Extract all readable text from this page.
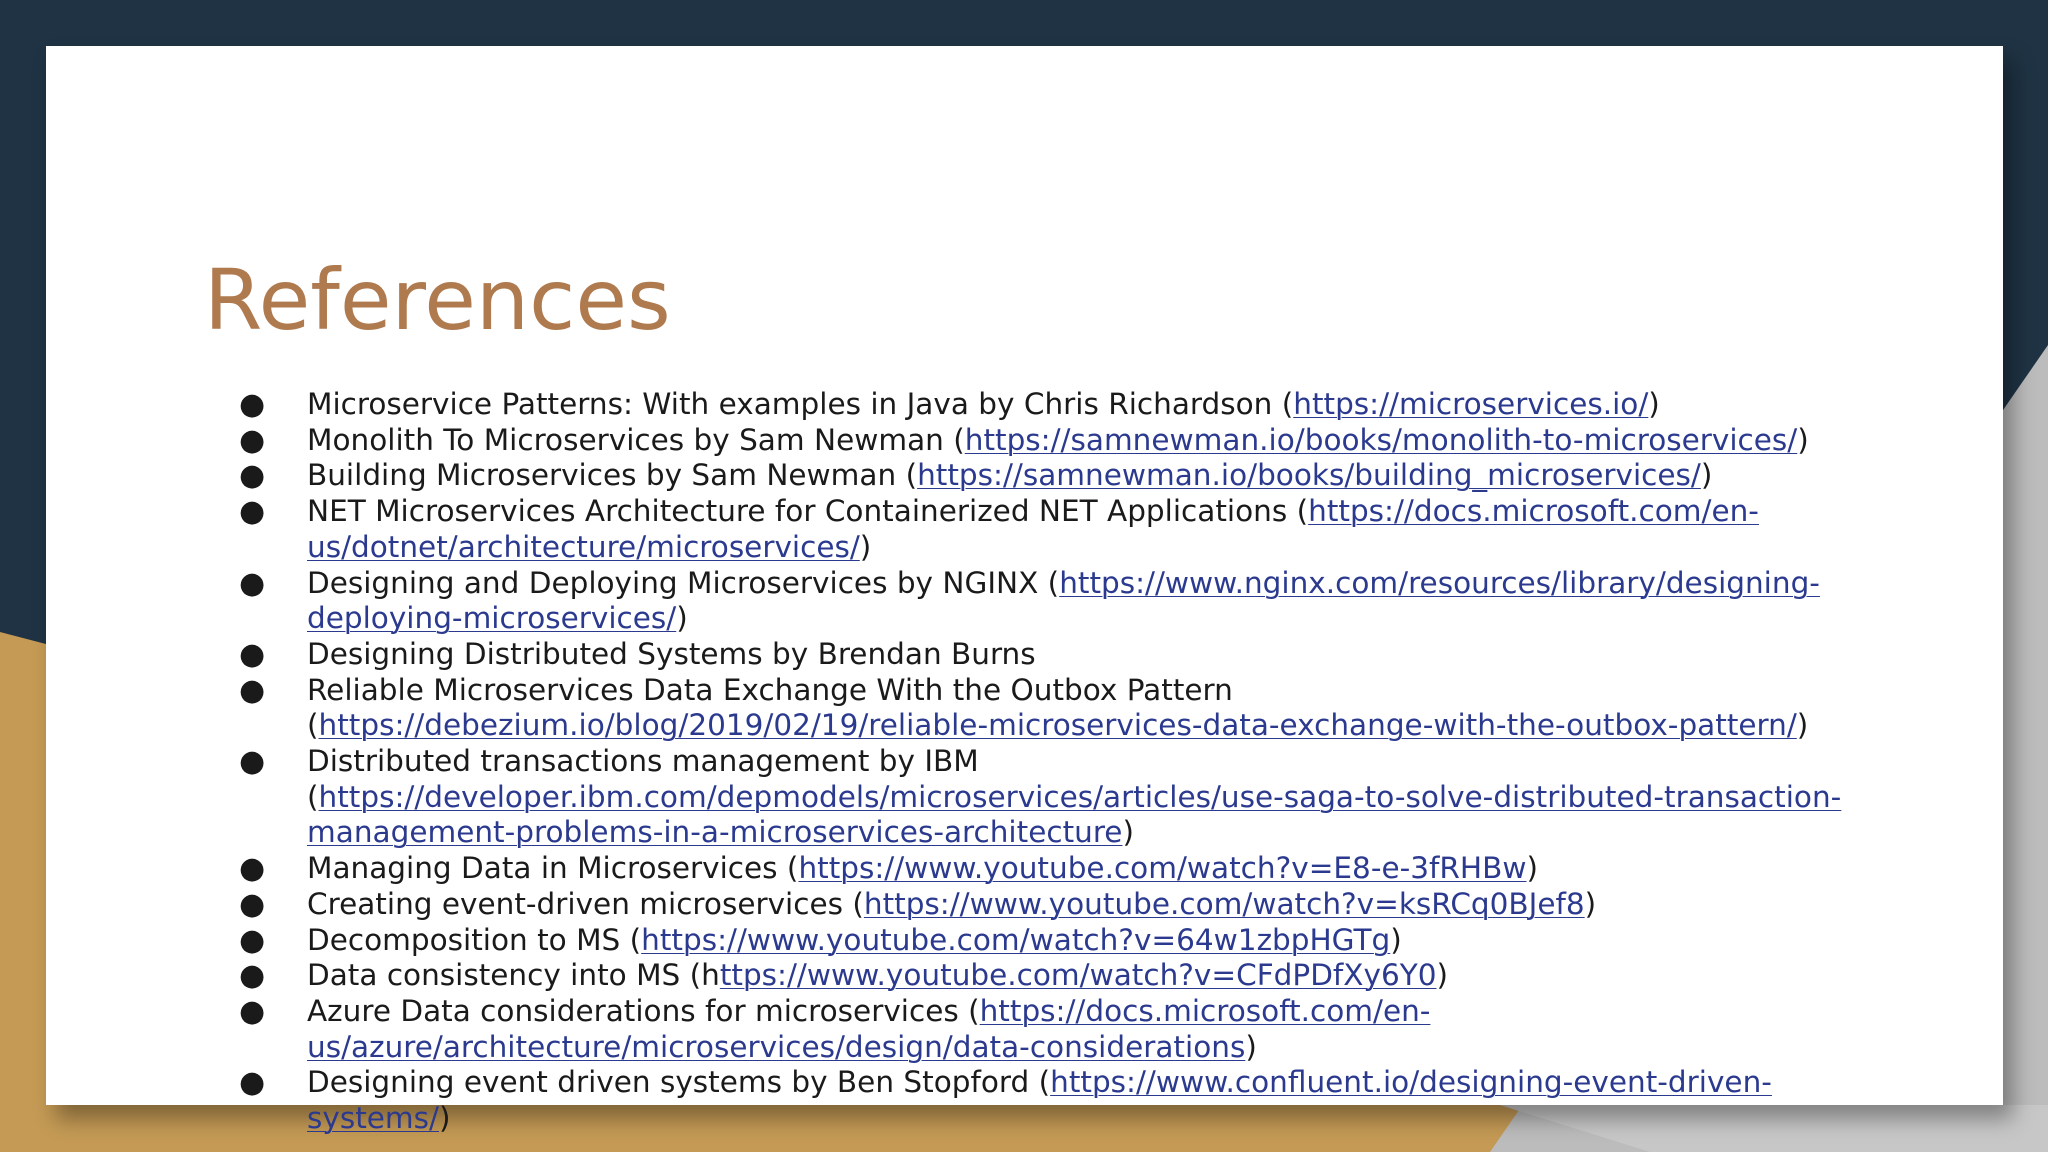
References
●	Microservice Patterns: With examples in Java by Chris Richardson (https://microservices.io/)
●	Monolith To Microservices by Sam Newman (https://samnewman.io/books/monolith-to-microservices/)
●	Building Microservices by Sam Newman (https://samnewman.io/books/building_microservices/)
●	NET Microservices Architecture for Containerized NET Applications (https://docs.microsoft.com/en-us/dotnet/architecture/microservices/)
●	Designing and Deploying Microservices by NGINX (https://www.nginx.com/resources/library/designing-deploying-microservices/)
●	Designing Distributed Systems by Brendan Burns
●	Reliable Microservices Data Exchange With the Outbox Pattern (https://debezium.io/blog/2019/02/19/reliable-microservices-data-exchange-with-the-outbox-pattern/)
●	Distributed transactions management by IBM (https://developer.ibm.com/depmodels/microservices/articles/use-saga-to-solve-distributed-transaction-management-problems-in-a-microservices-architecture)
●	Managing Data in Microservices (https://www.youtube.com/watch?v=E8-e-3fRHBw)
●	Creating event-driven microservices (https://www.youtube.com/watch?v=ksRCq0BJef8)
●	Decomposition to MS (https://www.youtube.com/watch?v=64w1zbpHGTg)
●	Data consistency into MS (https://www.youtube.com/watch?v=CFdPDfXy6Y0)
●	Azure Data considerations for microservices (https://docs.microsoft.com/en-us/azure/architecture/microservices/design/data-considerations)
●	Designing event driven systems by Ben Stopford (https://www.confluent.io/designing-event-driven-systems/)
